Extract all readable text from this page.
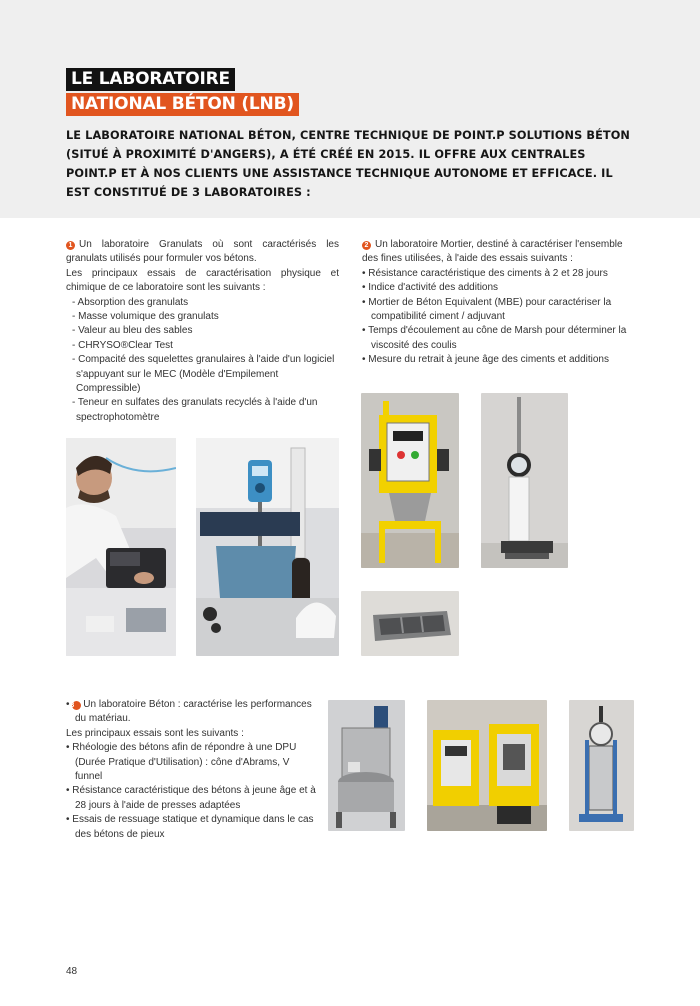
LE LABORATOIRE
NATIONAL BÉTON (LNB)

LE LABORATOIRE NATIONAL BÉTON, CENTRE TECHNIQUE DE POINT.P SOLUTIONS BÉTON (SITUÉ À PROXIMITÉ D'ANGERS), A ÉTÉ CRÉÉ EN 2015. IL OFFRE AUX CENTRALES POINT.P ET À NOS CLIENTS UNE ASSISTANCE TECHNIQUE AUTONOME ET EFFICACE. IL EST CONSTITUÉ DE 3 LABORATOIRES :

1 Un laboratoire Granulats où sont caractérisés les granulats utilisés pour formuler vos bétons.

Les principaux essais de caractérisation physique et chimique de ce laboratoire sont les suivants :

- Absorption des granulats

- Masse volumique des granulats

- Valeur au bleu des sables

- CHRYSO®Clear Test

- Compacité des squelettes granulaires à l'aide d'un logiciel s'appuyant sur le MEC (Modèle d'Empilement Compressible)

- Teneur en sulfates des granulats recyclés à l'aide d'un spectrophotomètre

2 Un laboratoire Mortier, destiné à caractériser l'ensemble des fines utilisées, à l'aide des essais suivants :

• Résistance caractéristique des ciments à 2 et 28 jours

• Indice d'activité des additions

• Mortier de Béton Equivalent (MBE) pour caractériser la compatibilité ciment / adjuvant

• Temps d'écoulement au cône de Marsh pour déterminer la viscosité des coulis

• Mesure du retrait à jeune âge des ciments et additions

• 3 Un laboratoire Béton : caractérise les performances du matériau.

Les principaux essais sont les suivants :

• Rhéologie des bétons afin de répondre à une DPU (Durée Pratique d'Utilisation) : cône d'Abrams, V funnel

• Résistance caractéristique des bétons à jeune âge et à 28 jours à l'aide de presses adaptées

• Essais de ressuage statique et dynamique dans le cas des bétons de pieux

48
